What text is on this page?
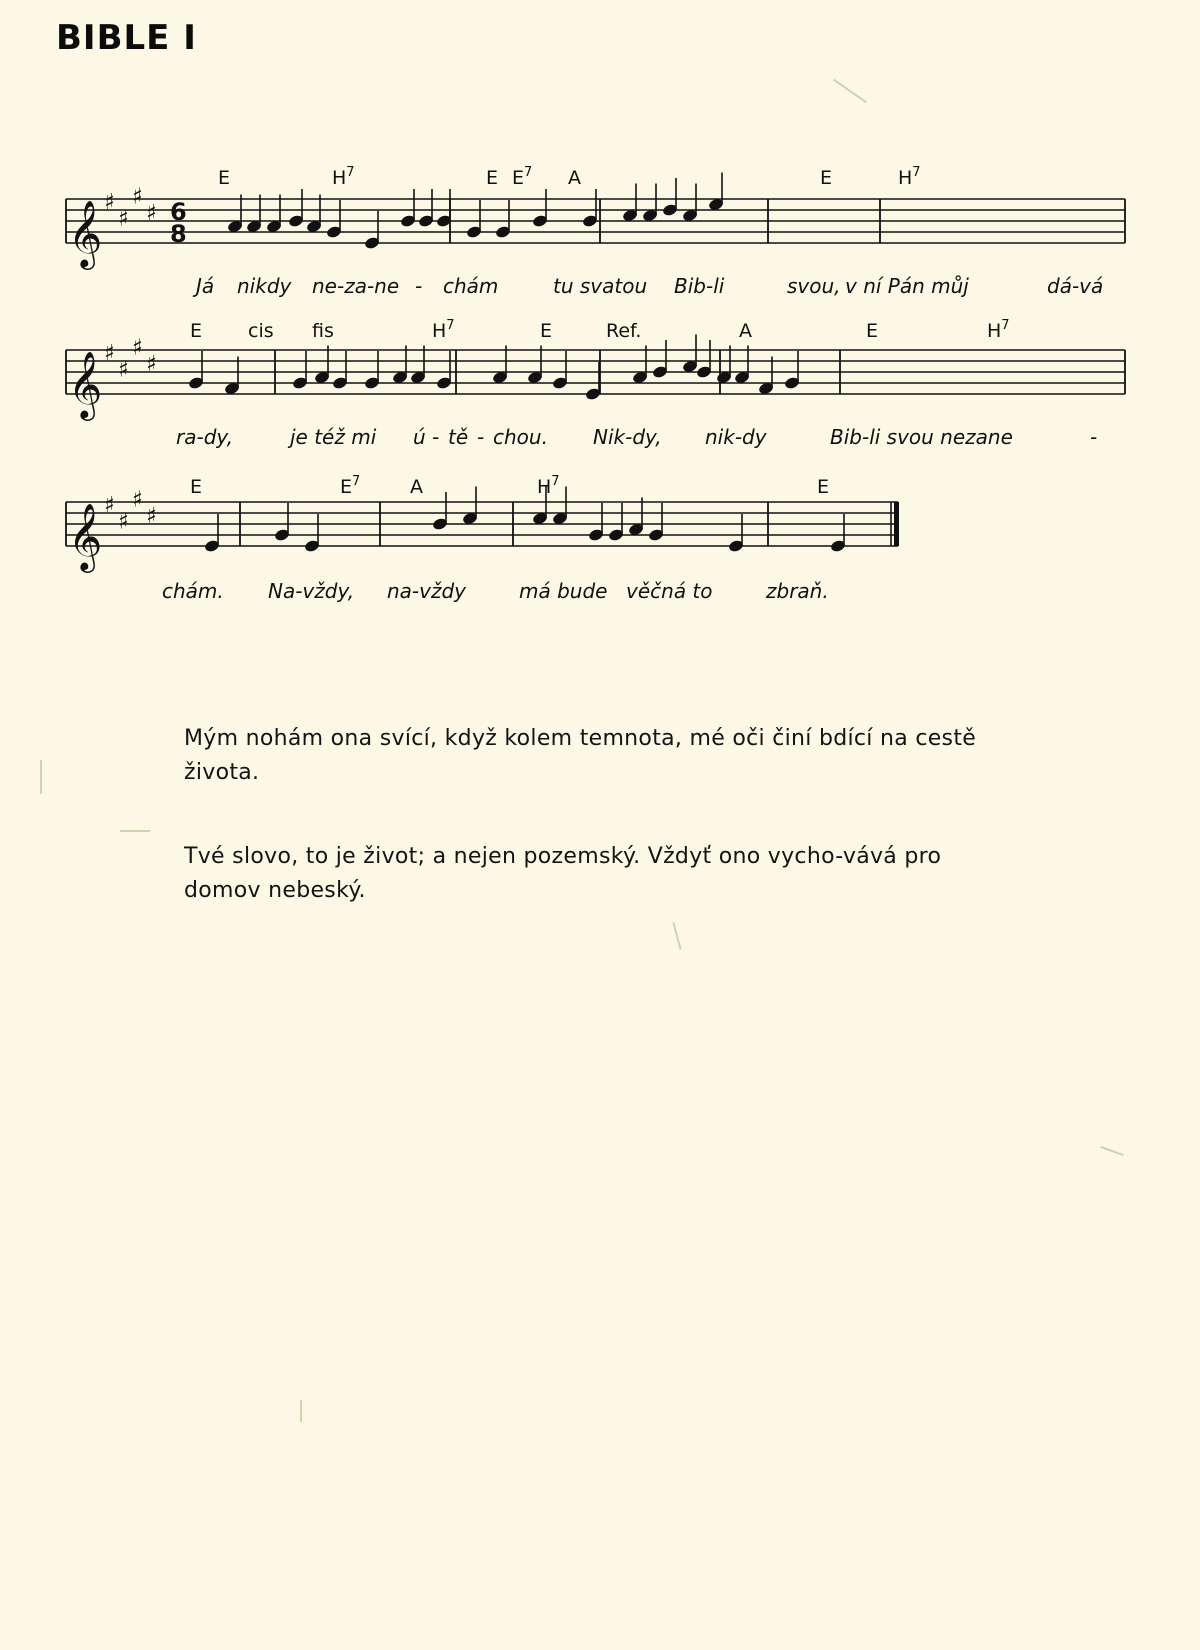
BIBLE I
𝄞 ♯
♯
♯
♯ 6
8
E	$H^7$	E $E^7$ A	E	$H^7$
Já nikdy ne-za-ne - chám	tu svatou Bib-li	svou, v ní Pán můj	dá-vá
𝄞 ♯
♯
♯
♯
E cis fis	$H^7$	E	Ref.	A	E	$H^7$
ra-dy,	je též mi ú - tě - chou. Nik-dy, nik-dy	Bib-li svou nezane	-
𝄞 ♯
♯
♯
♯
E	$E^7$	A	$H^7$	E
chám. Na-vždy, na-vždy	má bude věčná to	zbraň.

Mým nohám ona svící, když kolem temnota, mé oči činí bdící na cestě života.

Tvé slovo, to je život; a nejen pozemský. Vždyť ono vycho-vává pro domov nebeský.
